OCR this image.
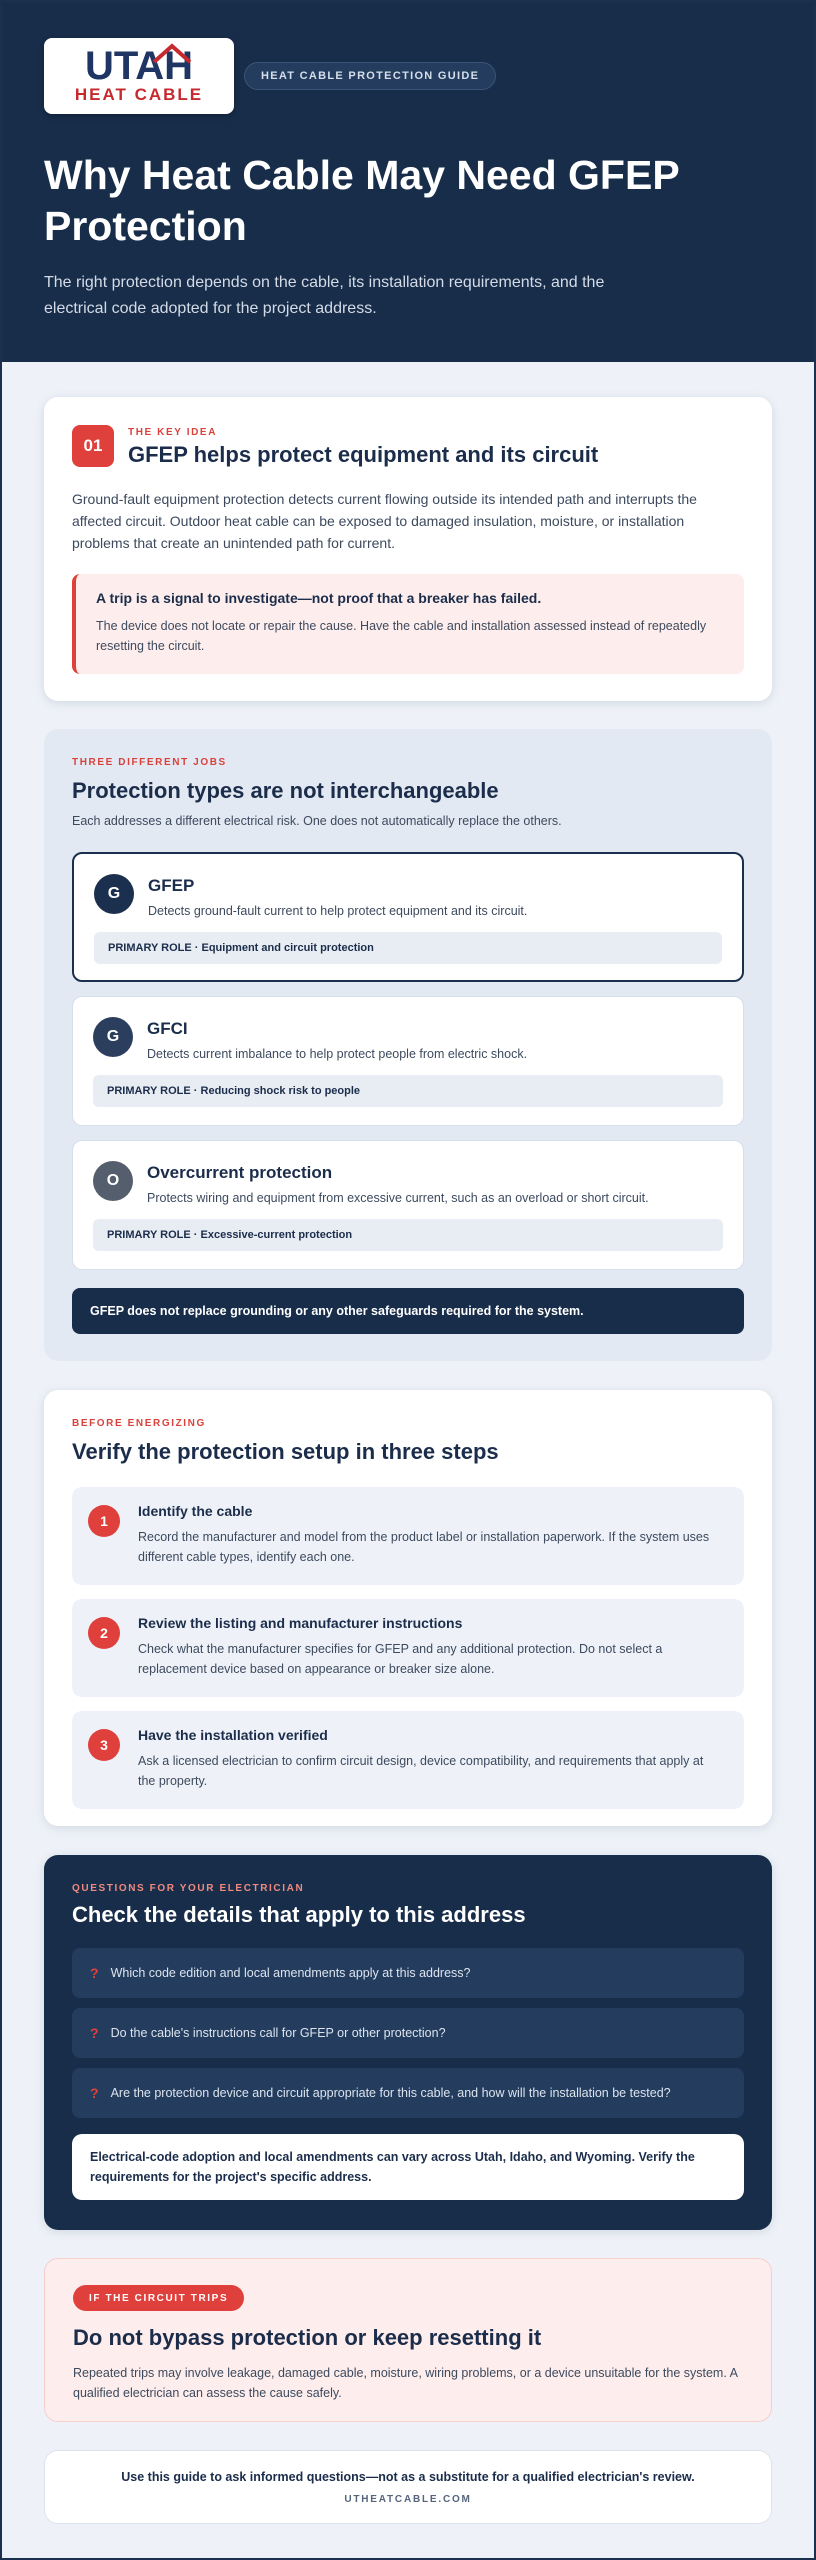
UTAH
HEAT CABLE
HEAT CABLE PROTECTION GUIDE
Why Heat Cable May Need GFEP Protection

The right protection depends on the cable, its installation requirements, and the electrical code adopted for the project address.

01
THE KEY IDEA
GFEP helps protect equipment and its circuit

Ground-fault equipment protection detects current flowing outside its intended path and interrupts the affected circuit. Outdoor heat cable can be exposed to damaged insulation, moisture, or installation problems that create an unintended path for current.

A trip is a signal to investigate—not proof that a breaker has failed.
The device does not locate or repair the cause. Have the cable and installation assessed instead of repeatedly resetting the circuit.
THREE DIFFERENT JOBS
Protection types are not interchangeable

Each addresses a different electrical risk. One does not automatically replace the others.

G	GFEP
Detects ground-fault current to help protect equipment and its circuit.
PRIMARY ROLE · Equipment and circuit protection
G	GFCI
Detects current imbalance to help protect people from electric shock.
PRIMARY ROLE · Reducing shock risk to people
O	Overcurrent protection
Protects wiring and equipment from excessive current, such as an overload or short circuit.
PRIMARY ROLE · Excessive-current protection
GFEP does not replace grounding or any other safeguards required for the system.
BEFORE ENERGIZING
Verify the protection setup in three steps
1
Identify the cable
Record the manufacturer and model from the product label or installation paperwork. If the system uses different cable types, identify each one.
2
Review the listing and manufacturer instructions
Check what the manufacturer specifies for GFEP and any additional protection. Do not select a replacement device based on appearance or breaker size alone.
3
Have the installation verified
Ask a licensed electrician to confirm circuit design, device compatibility, and requirements that apply at the property.
QUESTIONS FOR YOUR ELECTRICIAN
Check the details that apply to this address
? Which code edition and local amendments apply at this address?
? Do the cable's instructions call for GFEP or other protection?
? Are the protection device and circuit appropriate for this cable, and how will the installation be tested?
Electrical-code adoption and local amendments can vary across Utah, Idaho, and Wyoming. Verify the requirements for the project's specific address.
IF THE CIRCUIT TRIPS
Do not bypass protection or keep resetting it

Repeated trips may involve leakage, damaged cable, moisture, wiring problems, or a device unsuitable for the system. A qualified electrician can assess the cause safely.

Use this guide to ask informed questions—not as a substitute for a qualified electrician's review.
UTHEATCABLE.COM
